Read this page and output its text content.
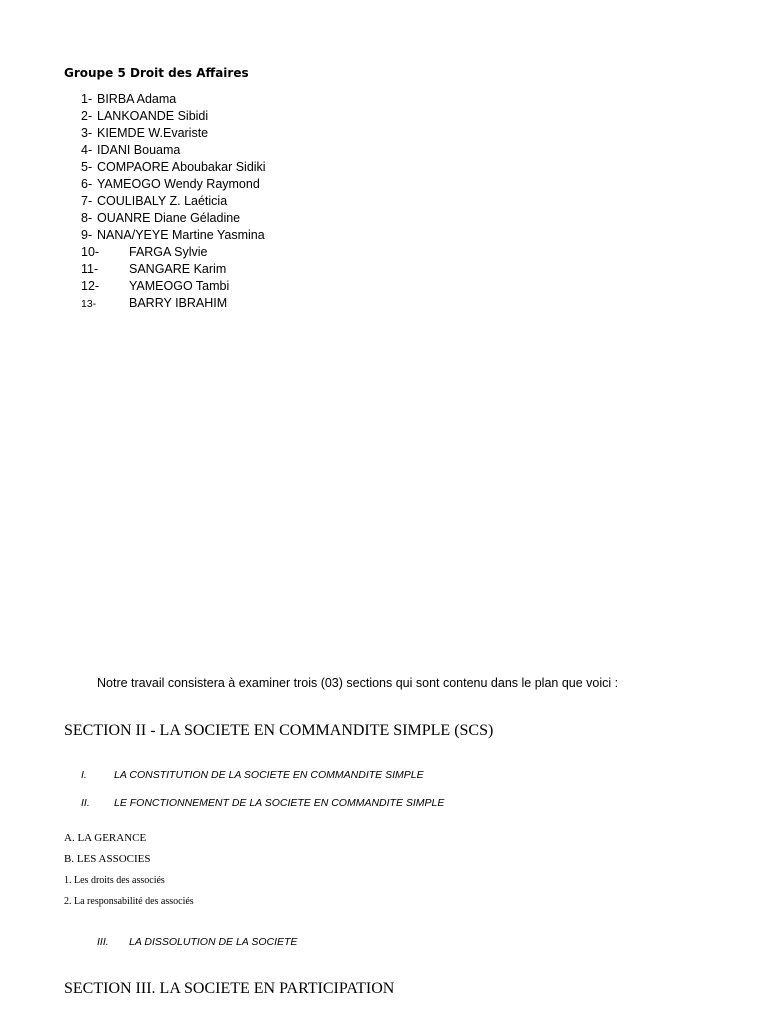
Groupe 5 Droit des Affaires
1- BIRBA Adama
2- LANKOANDE Sibidi
3- KIEMDE W.Evariste
4- IDANI Bouama
5- COMPAORE Aboubakar Sidiki
6- YAMEOGO Wendy Raymond
7- COULIBALY Z. Laéticia
8- OUANRE Diane Géladine
9- NANA/YEYE Martine Yasmina
10- FARGA Sylvie
11- SANGARE Karim
12- YAMEOGO Tambi
13-	BARRY IBRAHIM
Notre travail consistera à examiner trois (03) sections qui sont contenu dans le plan que voici :
SECTION II - LA SOCIETE EN COMMANDITE SIMPLE (SCS)
I.	LA CONSTITUTION DE LA SOCIETE EN COMMANDITE SIMPLE
II. LE FONCTIONNEMENT DE LA SOCIETE EN COMMANDITE SIMPLE
A. LA GERANCE
B. LES ASSOCIES
1. Les droits des associés
2. La responsabilité des associés
III. LA DISSOLUTION DE LA SOCIETE
SECTION III. LA SOCIETE EN PARTICIPATION
